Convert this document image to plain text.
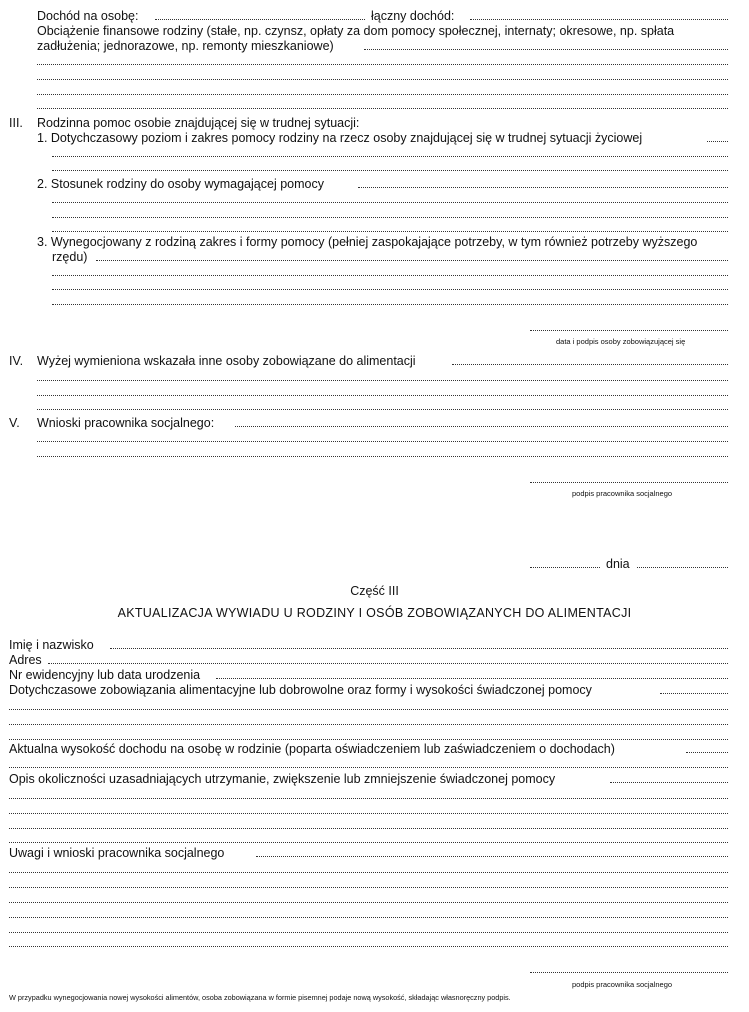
Dochód na osobę:	łączny dochód:
Obciążenie finansowe rodziny (stałe, np. czynsz, opłaty za dom pomocy społecznej, internaty; okresowe, np. spłata
zadłużenia; jednorazowe, np. remonty mieszkaniowe)
III. Rodzinna pomoc osobie znajdującej się w trudnej sytuacji:
1. Dotychczasowy poziom i zakres pomocy rodziny na rzecz osoby znajdującej się w trudnej sytuacji życiowej
2. Stosunek rodziny do osoby wymagającej pomocy
3. Wynegocjowany z rodziną zakres i formy pomocy (pełniej zaspokajające potrzeby, w tym również potrzeby wyższego
rzędu)
data i podpis osoby zobowiązującej się
IV. Wyżej wymieniona wskazała inne osoby zobowiązane do alimentacji
V. Wnioski pracownika socjalnego:
podpis pracownika socjalnego
dnia
Część III
AKTUALIZACJA WYWIADU U RODZINY I OSÓB ZOBOWIĄZANYCH DO ALIMENTACJI
Imię i nazwisko
Adres
Nr ewidencyjny lub data urodzenia
Dotychczasowe zobowiązania alimentacyjne lub dobrowolne oraz formy i wysokości świadczonej pomocy
Aktualna wysokość dochodu na osobę w rodzinie (poparta oświadczeniem lub zaświadczeniem o dochodach)
Opis okoliczności uzasadniających utrzymanie, zwiększenie lub zmniejszenie świadczonej pomocy
Uwagi i wnioski pracownika socjalnego
podpis pracownika socjalnego
W przypadku wynegocjowania nowej wysokości alimentów, osoba zobowiązana w formie pisemnej podaje nową wysokość, składając własnoręczny podpis.
